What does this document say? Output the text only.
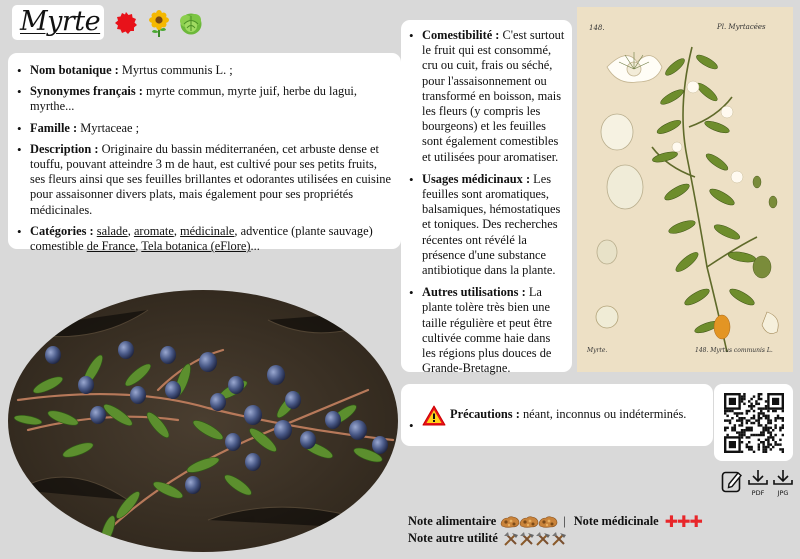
Myrte
• Nom botanique : Myrtus communis L. ;
• Synonymes français : myrte commun, myrte juif, herbe du lagui, myrthe...
• Famille : Myrtaceae ;
• Description : Originaire du bassin méditerranéen, cet arbuste dense et touffu, pouvant atteindre 3 m de haut, est cultivé pour ses petits fruits, ses fleurs ainsi que ses feuilles brillantes et odorantes utilisées en cuisine pour assaisonner divers plats, mais également pour ses propriétés médicinales.
• Catégories : salade, aromate, médicinale, adventice (plante sauvage) comestible de France, Tela botanica (eFlore)...
• Comestibilité : C'est surtout le fruit qui est consommé, cru ou cuit, frais ou séché, pour l'assaisonnement ou transformé en boisson, mais les fleurs (y compris les bourgeons) et les feuilles sont également comestibles et utilisées pour aromatiser.
• Usages médicinaux : Les feuilles sont aromatiques, balsamiques, hémostatiques et toniques. Des recherches récentes ont révélé la présence d'une substance antibiotique dans la plante.
• Autres utilisations : La plante tolère très bien une taille régulière et peut être cultivée comme haie dans les régions plus douces de Grande-Bretagne.
• Précautions : néant, inconnus ou indéterminés.
148.	Pl. Myrtacées
Myrte.	148. Myrtus communis L.
PDF	JPG
Note alimentaire	| Note médicinale ✚✚✚
Note autre utilité
